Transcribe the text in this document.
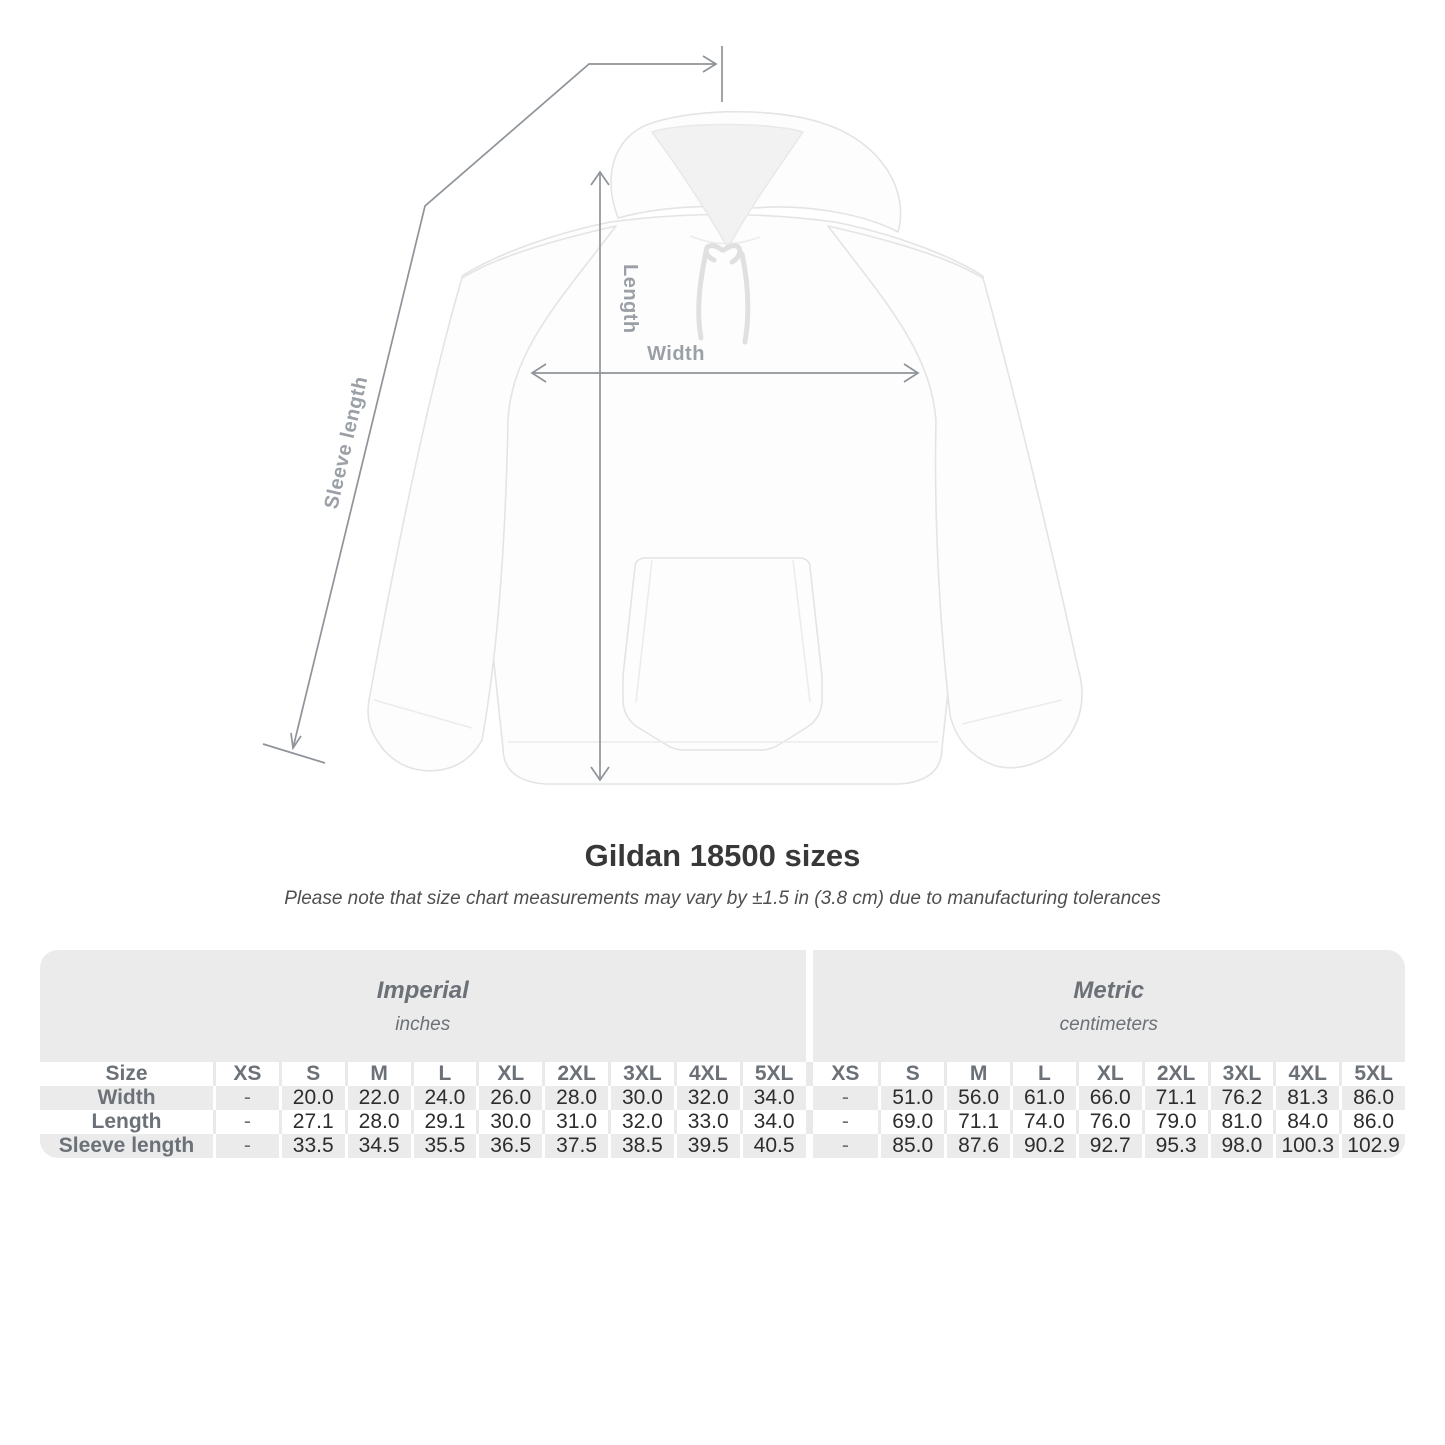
Width
Length
Sleeve length
Gildan 18500 sizes

Please note that size chart measurements may vary by ±1.5 in (3.8 cm) due to manufacturing tolerances

Imperial
inches
Metric
centimeters
Size	XS	S	M	L	XL	2XL	3XL	4XL	5XL	XS	S	M	L	XL	2XL	3XL	4XL	5XL
Width	-	20.0	22.0	24.0	26.0	28.0	30.0	32.0	34.0	-	51.0	56.0	61.0	66.0	71.1	76.2	81.3	86.0
Length	-	27.1	28.0	29.1	30.0	31.0	32.0	33.0	34.0	-	69.0	71.1	74.0	76.0	79.0	81.0	84.0	86.0
Sleeve length	-	33.5	34.5	35.5	36.5	37.5	38.5	39.5	40.5	-	85.0	87.6	90.2	92.7	95.3	98.0 100.3 102.9
